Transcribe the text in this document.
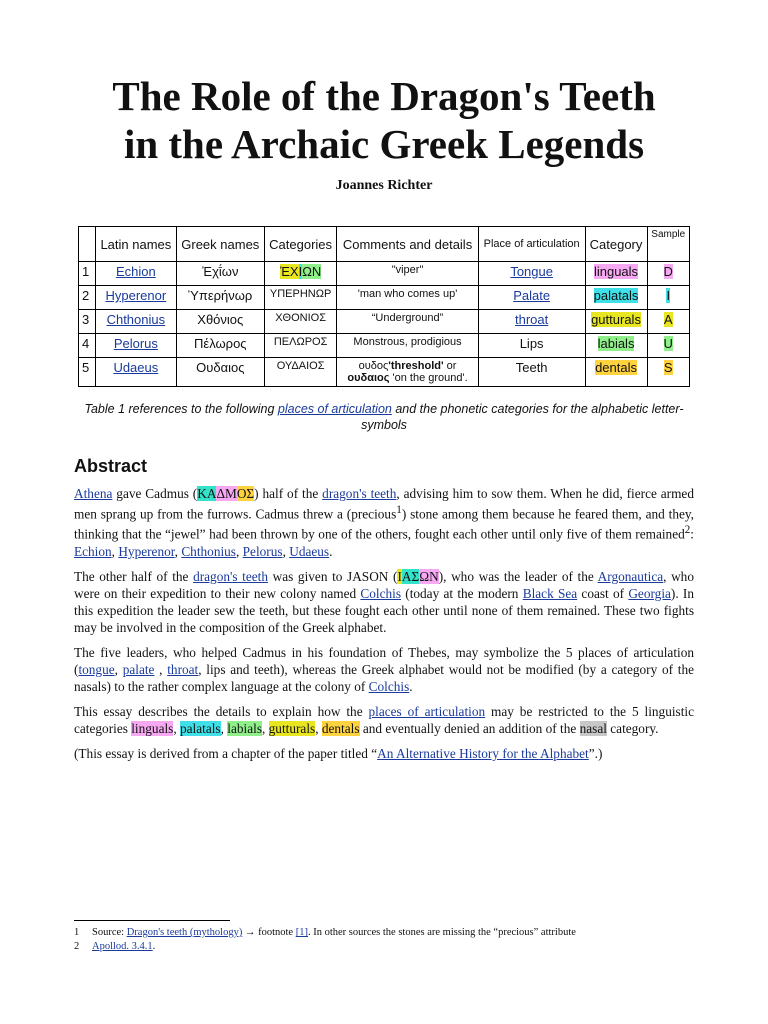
The Role of the Dragon's Teeth
in the Archaic Greek Legends
Joannes Richter
	Latin names	Greek names	Categories	Comments and details	Place of articulation	Category	Sample
1	Echion	Ἐχῑ́ων	ἘΧΙΩΝ	"viper"	Tongue	linguals	D
2	Hyperenor	Ὑπερήνωρ	ΥΠΕΡΗΝΩΡ	'man who comes up'	Palate	palatals	I
3	Chthonius	Χθόνιος	ΧΘΟΝΙΟΣ	“Underground”	throat	gutturals	A
4	Pelorus	Πέλωρος	ΠΕΛΩΡΟΣ	Monstrous, prodigious	Lips	labials	U
5	Udaeus	Ουδαιος	ΟΥΔΑΙΟΣ	ουδος'threshold' or
ουδαιος 'on the ground'.	Teeth	dentals	S
Table 1 references to the following places of articulation and the phonetic categories for the alphabetic letter-symbols
Abstract

Athena gave Cadmus (ΚΑΔΜΟΣ) half of the dragon's teeth, advising him to sow them. When he did, fierce armed men sprang up from the furrows. Cadmus threw a (precious$^1$) stone among them because he feared them, and they, thinking that the “jewel” had been thrown by one of the others, fought each other until only five of them remained$^2$: Echion, Hyperenor, Chthonius, Pelorus, Udaeus.

The other half of the dragon's teeth was given to JASON (ΙΑΣΩΝ), who was the leader of the Argonautica, who were on their expedition to their new colony named Colchis (today at the modern Black Sea coast of Georgia). In this expedition the leader sew the teeth, but these fought each other until none of them remained. These two fights may be involved in the composition of the Greek alphabet.

The five leaders, who helped Cadmus in his foundation of Thebes, may symbolize the 5 places of articulation (tongue, palate , throat, lips and teeth), whereas the Greek alphabet would not be modified (by a category of the nasals) to the rather complex language at the colony of Colchis.

This essay describes the details to explain how the places of articulation may be restricted to the 5 linguistic categories linguals, palatals, labials, gutturals, dentals and eventually denied an addition of the nasal category.

(This essay is derived from a chapter of the paper titled “An Alternative History for the Alphabet”.)

1 Source: Dragon's teeth (mythology) → footnote [1]. In other sources the stones are missing the “precious” attribute
2 Apollod. 3.4.1.
